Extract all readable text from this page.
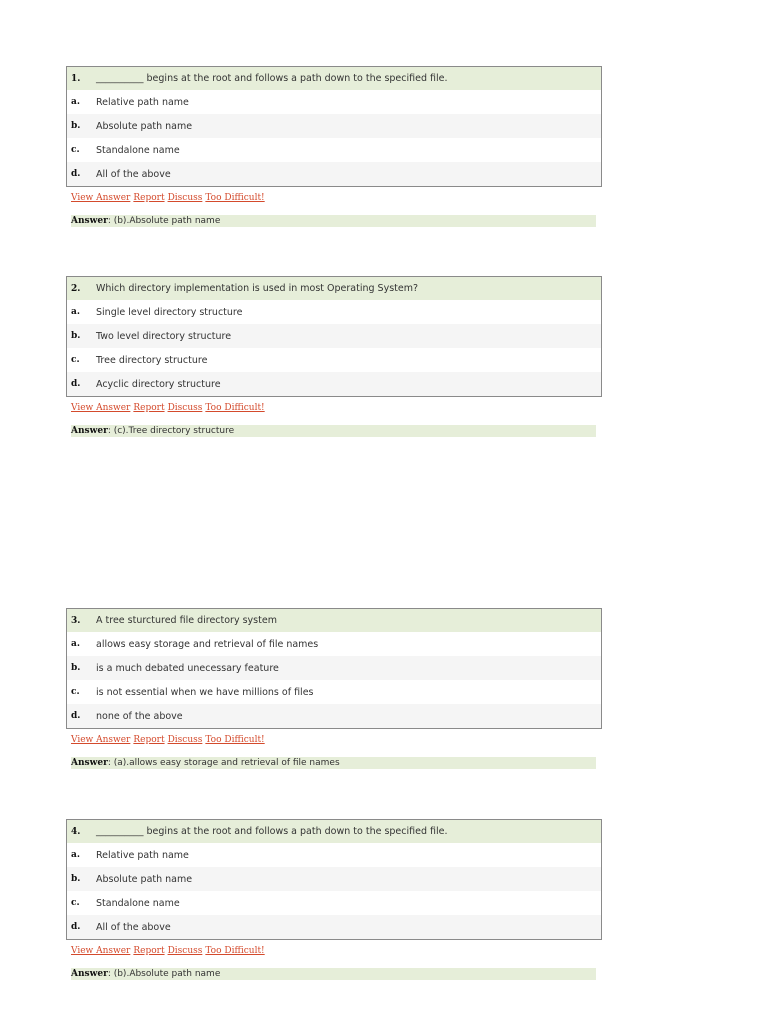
1.	__________ begins at the root and follows a path down to the specified file.
a.	Relative path name
b.	Absolute path name
c.	Standalone name
d.	All of the above
View Answer Report Discuss Too Difficult!
Answer : (b). Absolute path name
2.	Which directory implementation is used in most Operating System?
a.	Single level directory structure
b.	Two level directory structure
c.	Tree directory structure
d.	Acyclic directory structure
View Answer Report Discuss Too Difficult!
Answer : (c). Tree directory structure
3.	A tree sturctured file directory system
a.	allows easy storage and retrieval of file names
b.	is a much debated unecessary feature
c.	is not essential when we have millions of files
d.	none of the above
View Answer Report Discuss Too Difficult!
Answer : (a). allows easy storage and retrieval of file names
4.	__________ begins at the root and follows a path down to the specified file.
a.	Relative path name
b.	Absolute path name
c.	Standalone name
d.	All of the above
View Answer Report Discuss Too Difficult!
Answer : (b). Absolute path name
